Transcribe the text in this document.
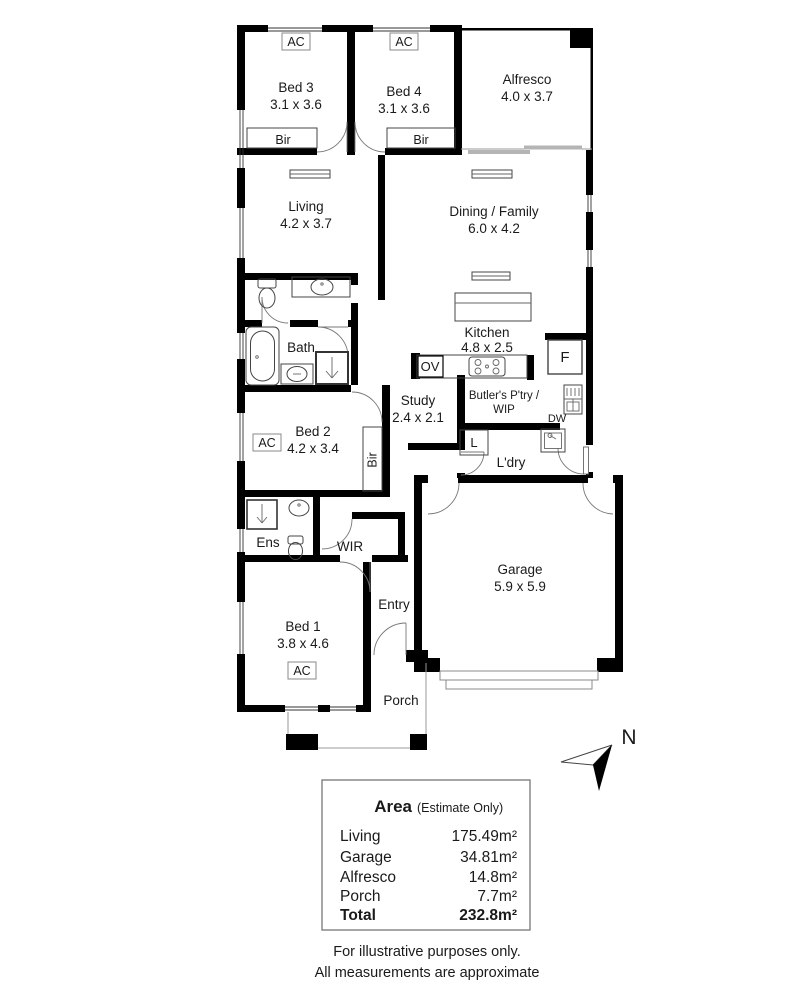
AC	AC
AC
AC
Bed 3
3.1 x 3.6
Bed 4
3.1 x 3.6
Alfresco
4.0 x 3.7
Living
4.2 x 3.7
Dining / Family
6.0 x 4.2
Kitchen
4.8 x 2.5
Study
2.4 x 2.1
Butler's P'try /
WIP
L'dry
Bath
Bed 2
4.2 x 3.4
Ens	WIR
Bed 1
3.8 x 4.6
Entry
Garage
5.9 x 5.9
Porch
Bir	Bir
Bir
OV
F
L
DW
N
Area (Estimate Only)
Living	175.49m²
Garage	34.81m²
Alfresco	14.8m²
Porch	7.7m²
Total	232.8m²
For illustrative purposes only.
All measurements are approximate
